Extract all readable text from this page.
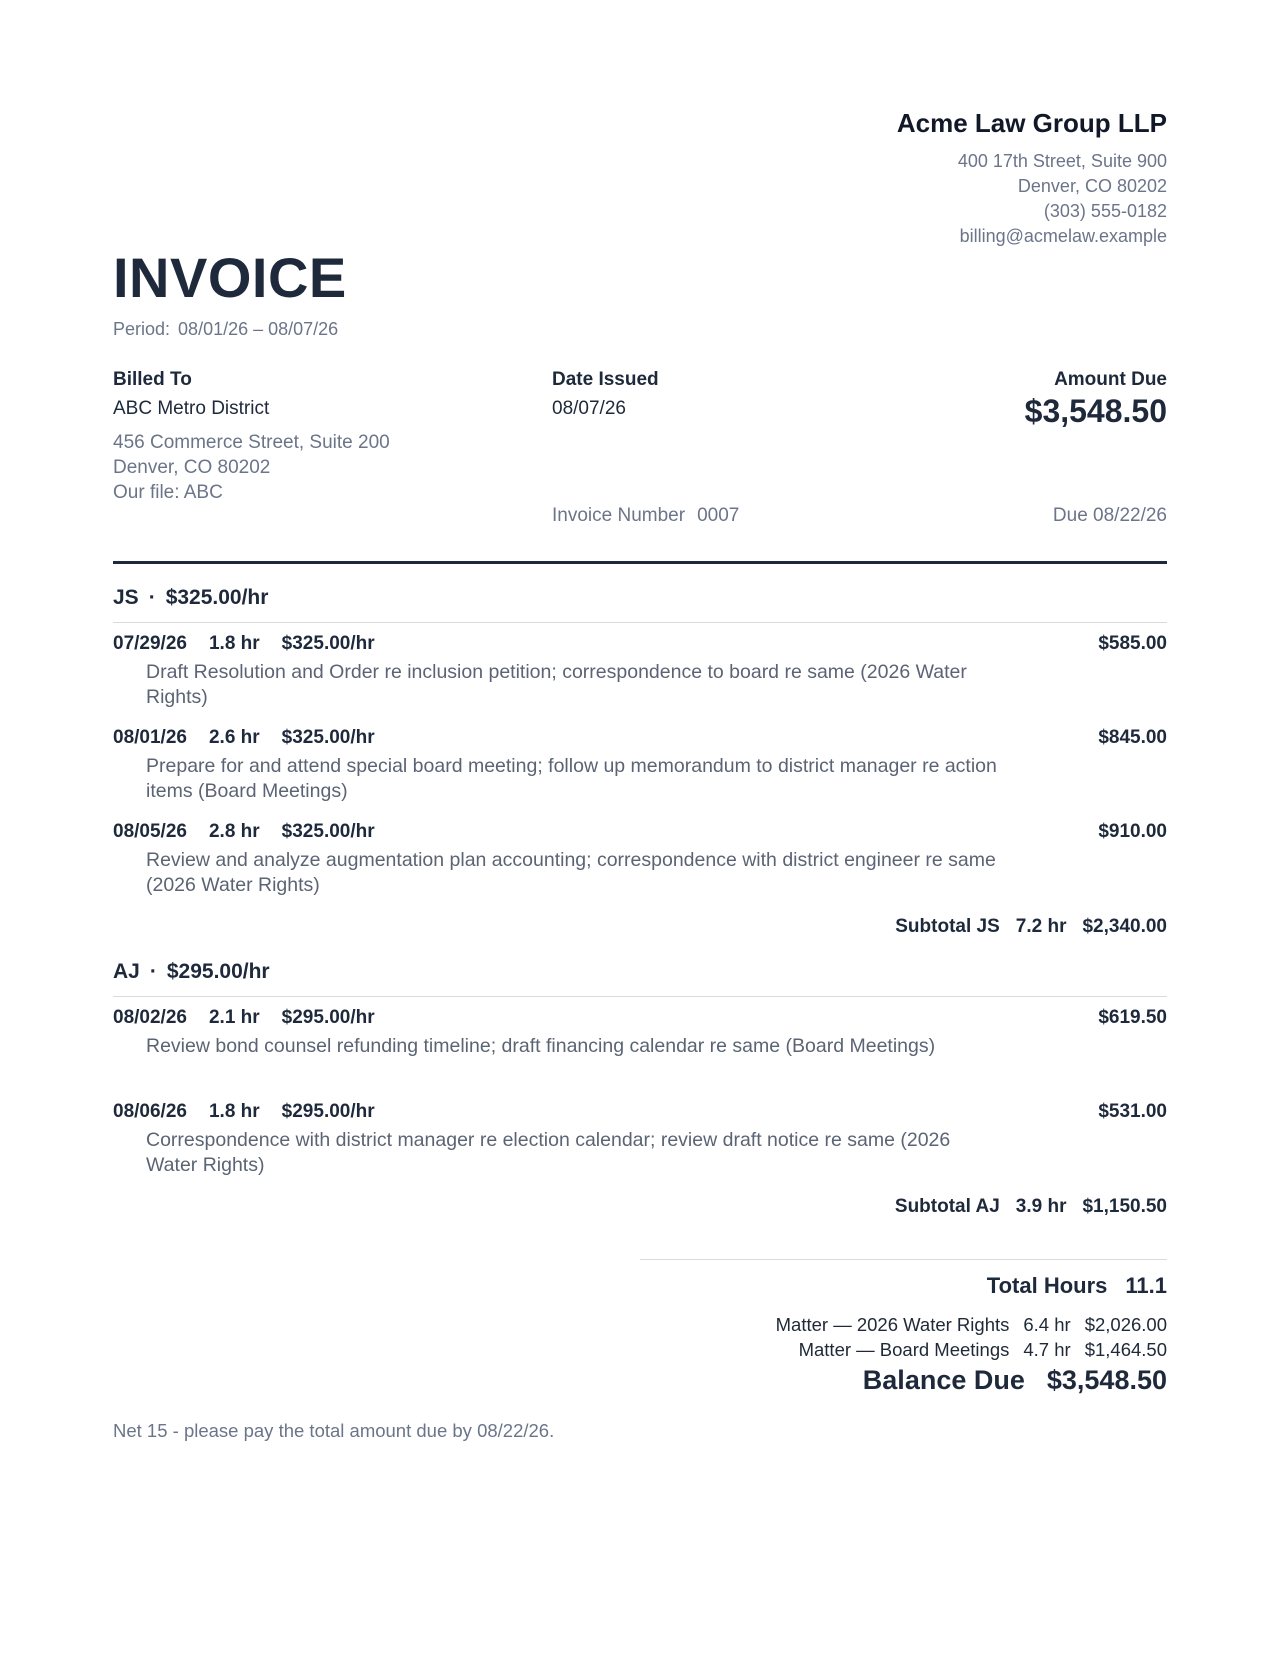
Acme Law Group LLP
400 17th Street, Suite 900
Denver, CO 80202
(303) 555-0182
billing@acmelaw.example
INVOICE
Period: 08/01/26 – 08/07/26
Billed To
ABC Metro District
456 Commerce Street, Suite 200
Denver, CO 80202
Our file: ABC
Date Issued
08/07/26
Amount Due
$3,548.50
Invoice Number 0007	Due 08/22/26
JS · $325.00/hr
07/29/26 1.8 hr $325.00/hr	$585.00
Draft Resolution and Order re inclusion petition; correspondence to board re same (2026 Water Rights)
08/01/26 2.6 hr $325.00/hr	$845.00
Prepare for and attend special board meeting; follow up memorandum to district manager re action items (Board Meetings)
08/05/26 2.8 hr $325.00/hr	$910.00
Review and analyze augmentation plan accounting; correspondence with district engineer re same (2026 Water Rights)
Subtotal JS 7.2 hr $2,340.00
AJ · $295.00/hr
08/02/26 2.1 hr $295.00/hr	$619.50
Review bond counsel refunding timeline; draft financing calendar re same (Board Meetings)
08/06/26 1.8 hr $295.00/hr	$531.00
Correspondence with district manager re election calendar; review draft notice re same (2026 Water Rights)
Subtotal AJ 3.9 hr $1,150.50
Total Hours 11.1
Matter — 2026 Water Rights 6.4 hr $2,026.00
Matter — Board Meetings 4.7 hr $1,464.50
Balance Due $3,548.50
Net 15 - please pay the total amount due by 08/22/26.
